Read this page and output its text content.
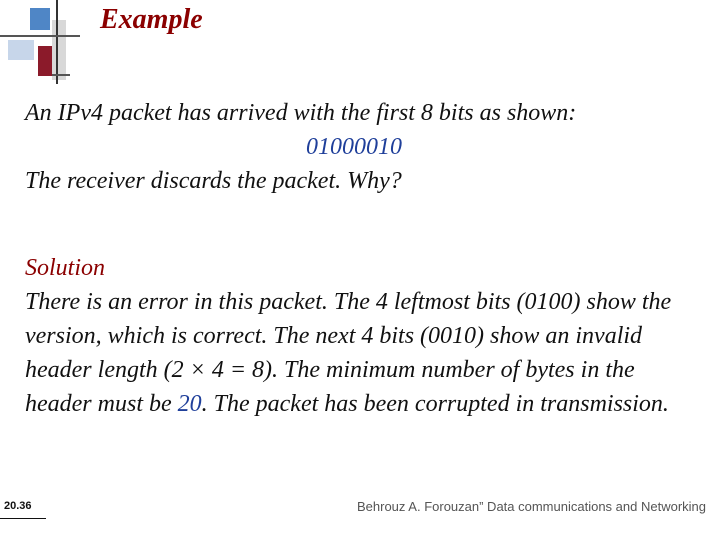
Example
An IPv4 packet has arrived with the first 8 bits as shown:
01000010
The receiver discards the packet. Why?
Solution
There is an error in this packet. The 4 leftmost bits (0100) show the version, which is correct. The next 4 bits (0010) show an invalid header length (2 × 4 = 8). The minimum number of bytes in the header must be 20. The packet has been corrupted in transmission.
20.36	Behrouz A. Forouzan” Data communications and Networking
